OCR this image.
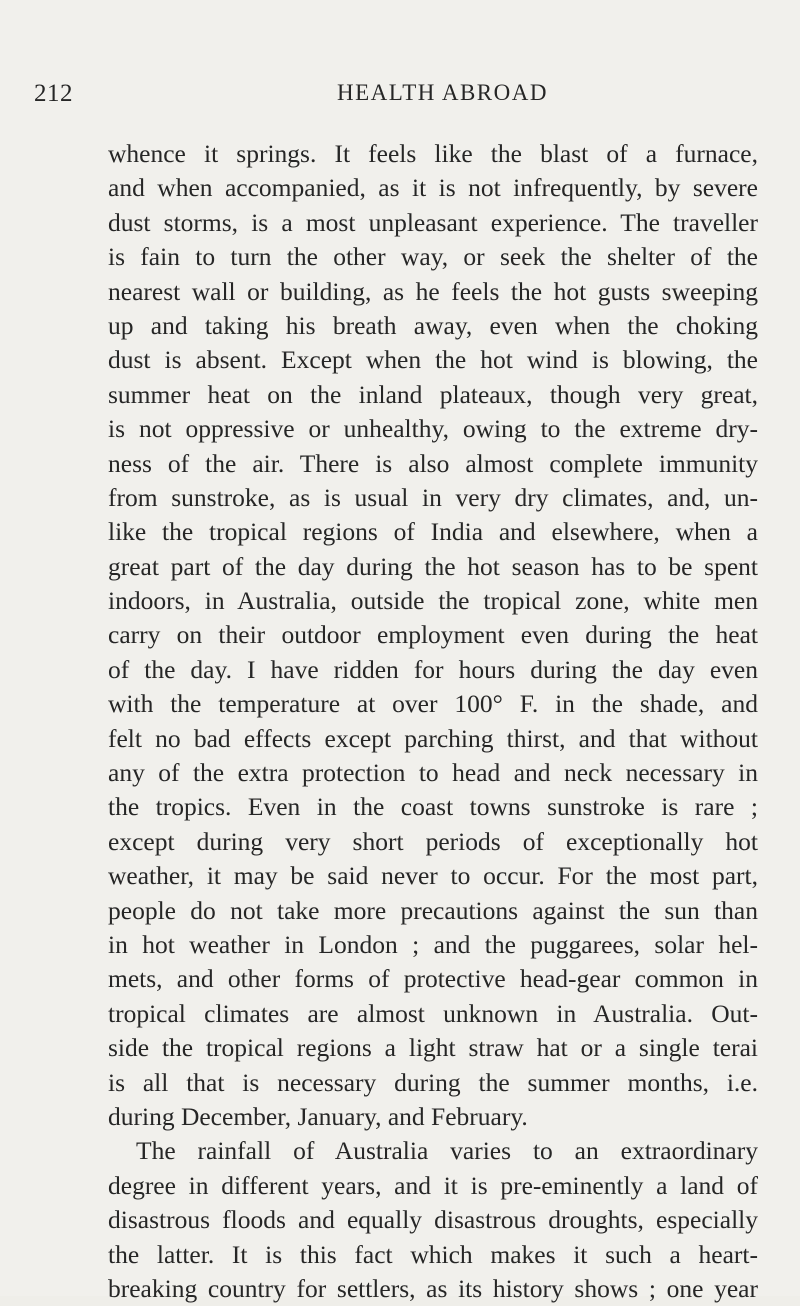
212	HEALTH ABROAD
whence it springs. It feels like the blast of a furnace,
and when accompanied, as it is not infrequently, by severe
dust storms, is a most unpleasant experience. The traveller
is fain to turn the other way, or seek the shelter of the
nearest wall or building, as he feels the hot gusts sweeping
up and taking his breath away, even when the choking
dust is absent. Except when the hot wind is blowing, the
summer heat on the inland plateaux, though very great,
is not oppressive or unhealthy, owing to the extreme dry-
ness of the air. There is also almost complete immunity
from sunstroke, as is usual in very dry climates, and, un-
like the tropical regions of India and elsewhere, when a
great part of the day during the hot season has to be spent
indoors, in Australia, outside the tropical zone, white men
carry on their outdoor employment even during the heat
of the day. I have ridden for hours during the day even
with the temperature at over 100° F. in the shade, and
felt no bad effects except parching thirst, and that without
any of the extra protection to head and neck necessary in
the tropics. Even in the coast towns sunstroke is rare ;
except during very short periods of exceptionally hot
weather, it may be said never to occur. For the most part,
people do not take more precautions against the sun than
in hot weather in London ; and the puggarees, solar hel-
mets, and other forms of protective head-gear common in
tropical climates are almost unknown in Australia. Out-
side the tropical regions a light straw hat or a single terai
is all that is necessary during the summer months, i.e.
during December, January, and February.
The rainfall of Australia varies to an extraordinary
degree in different years, and it is pre-eminently a land of
disastrous floods and equally disastrous droughts, especially
the latter. It is this fact which makes it such a heart-
breaking country for settlers, as its history shows ; one year
